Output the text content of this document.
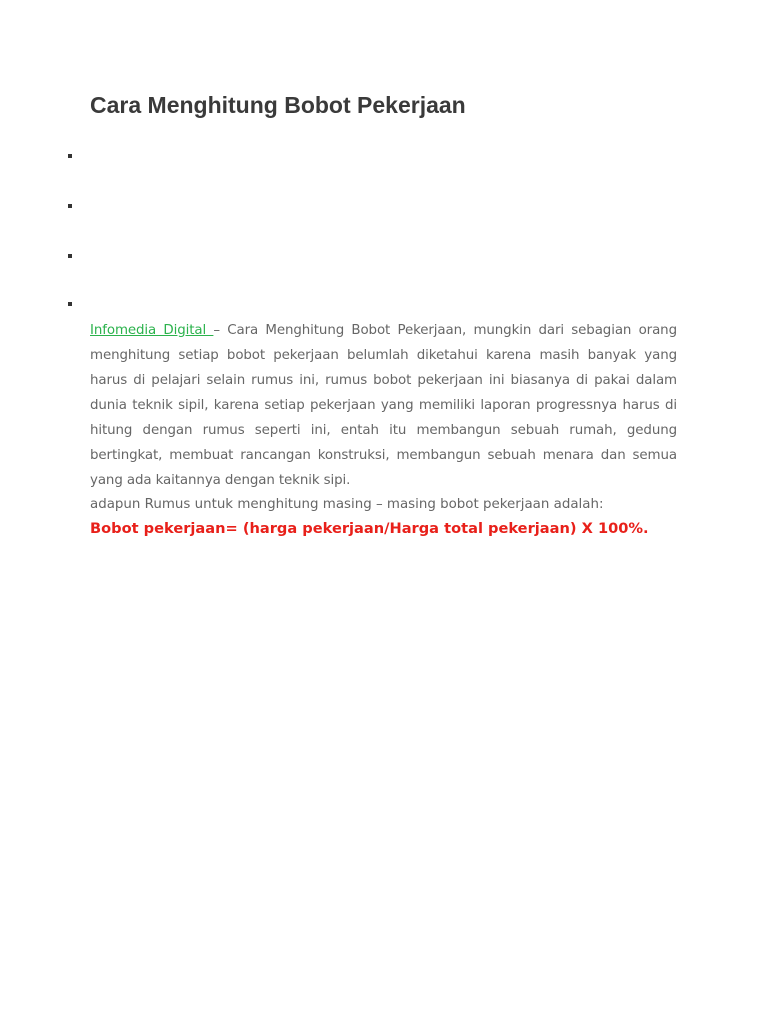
Cara Menghitung Bobot Pekerjaan

Infomedia Digital – Cara Menghitung Bobot Pekerjaan, mungkin dari sebagian orang menghitung setiap bobot pekerjaan belumlah diketahui karena masih banyak yang harus di pelajari selain rumus ini, rumus bobot pekerjaan ini biasanya di pakai dalam dunia teknik sipil, karena setiap pekerjaan yang memiliki laporan progressnya harus di hitung dengan rumus seperti ini, entah itu membangun sebuah rumah, gedung bertingkat, membuat rancangan konstruksi, membangun sebuah menara dan semua yang ada kaitannya dengan teknik sipi.

adapun Rumus untuk menghitung masing – masing bobot pekerjaan adalah:

Bobot pekerjaan= (harga pekerjaan/Harga total pekerjaan) X 100%.
